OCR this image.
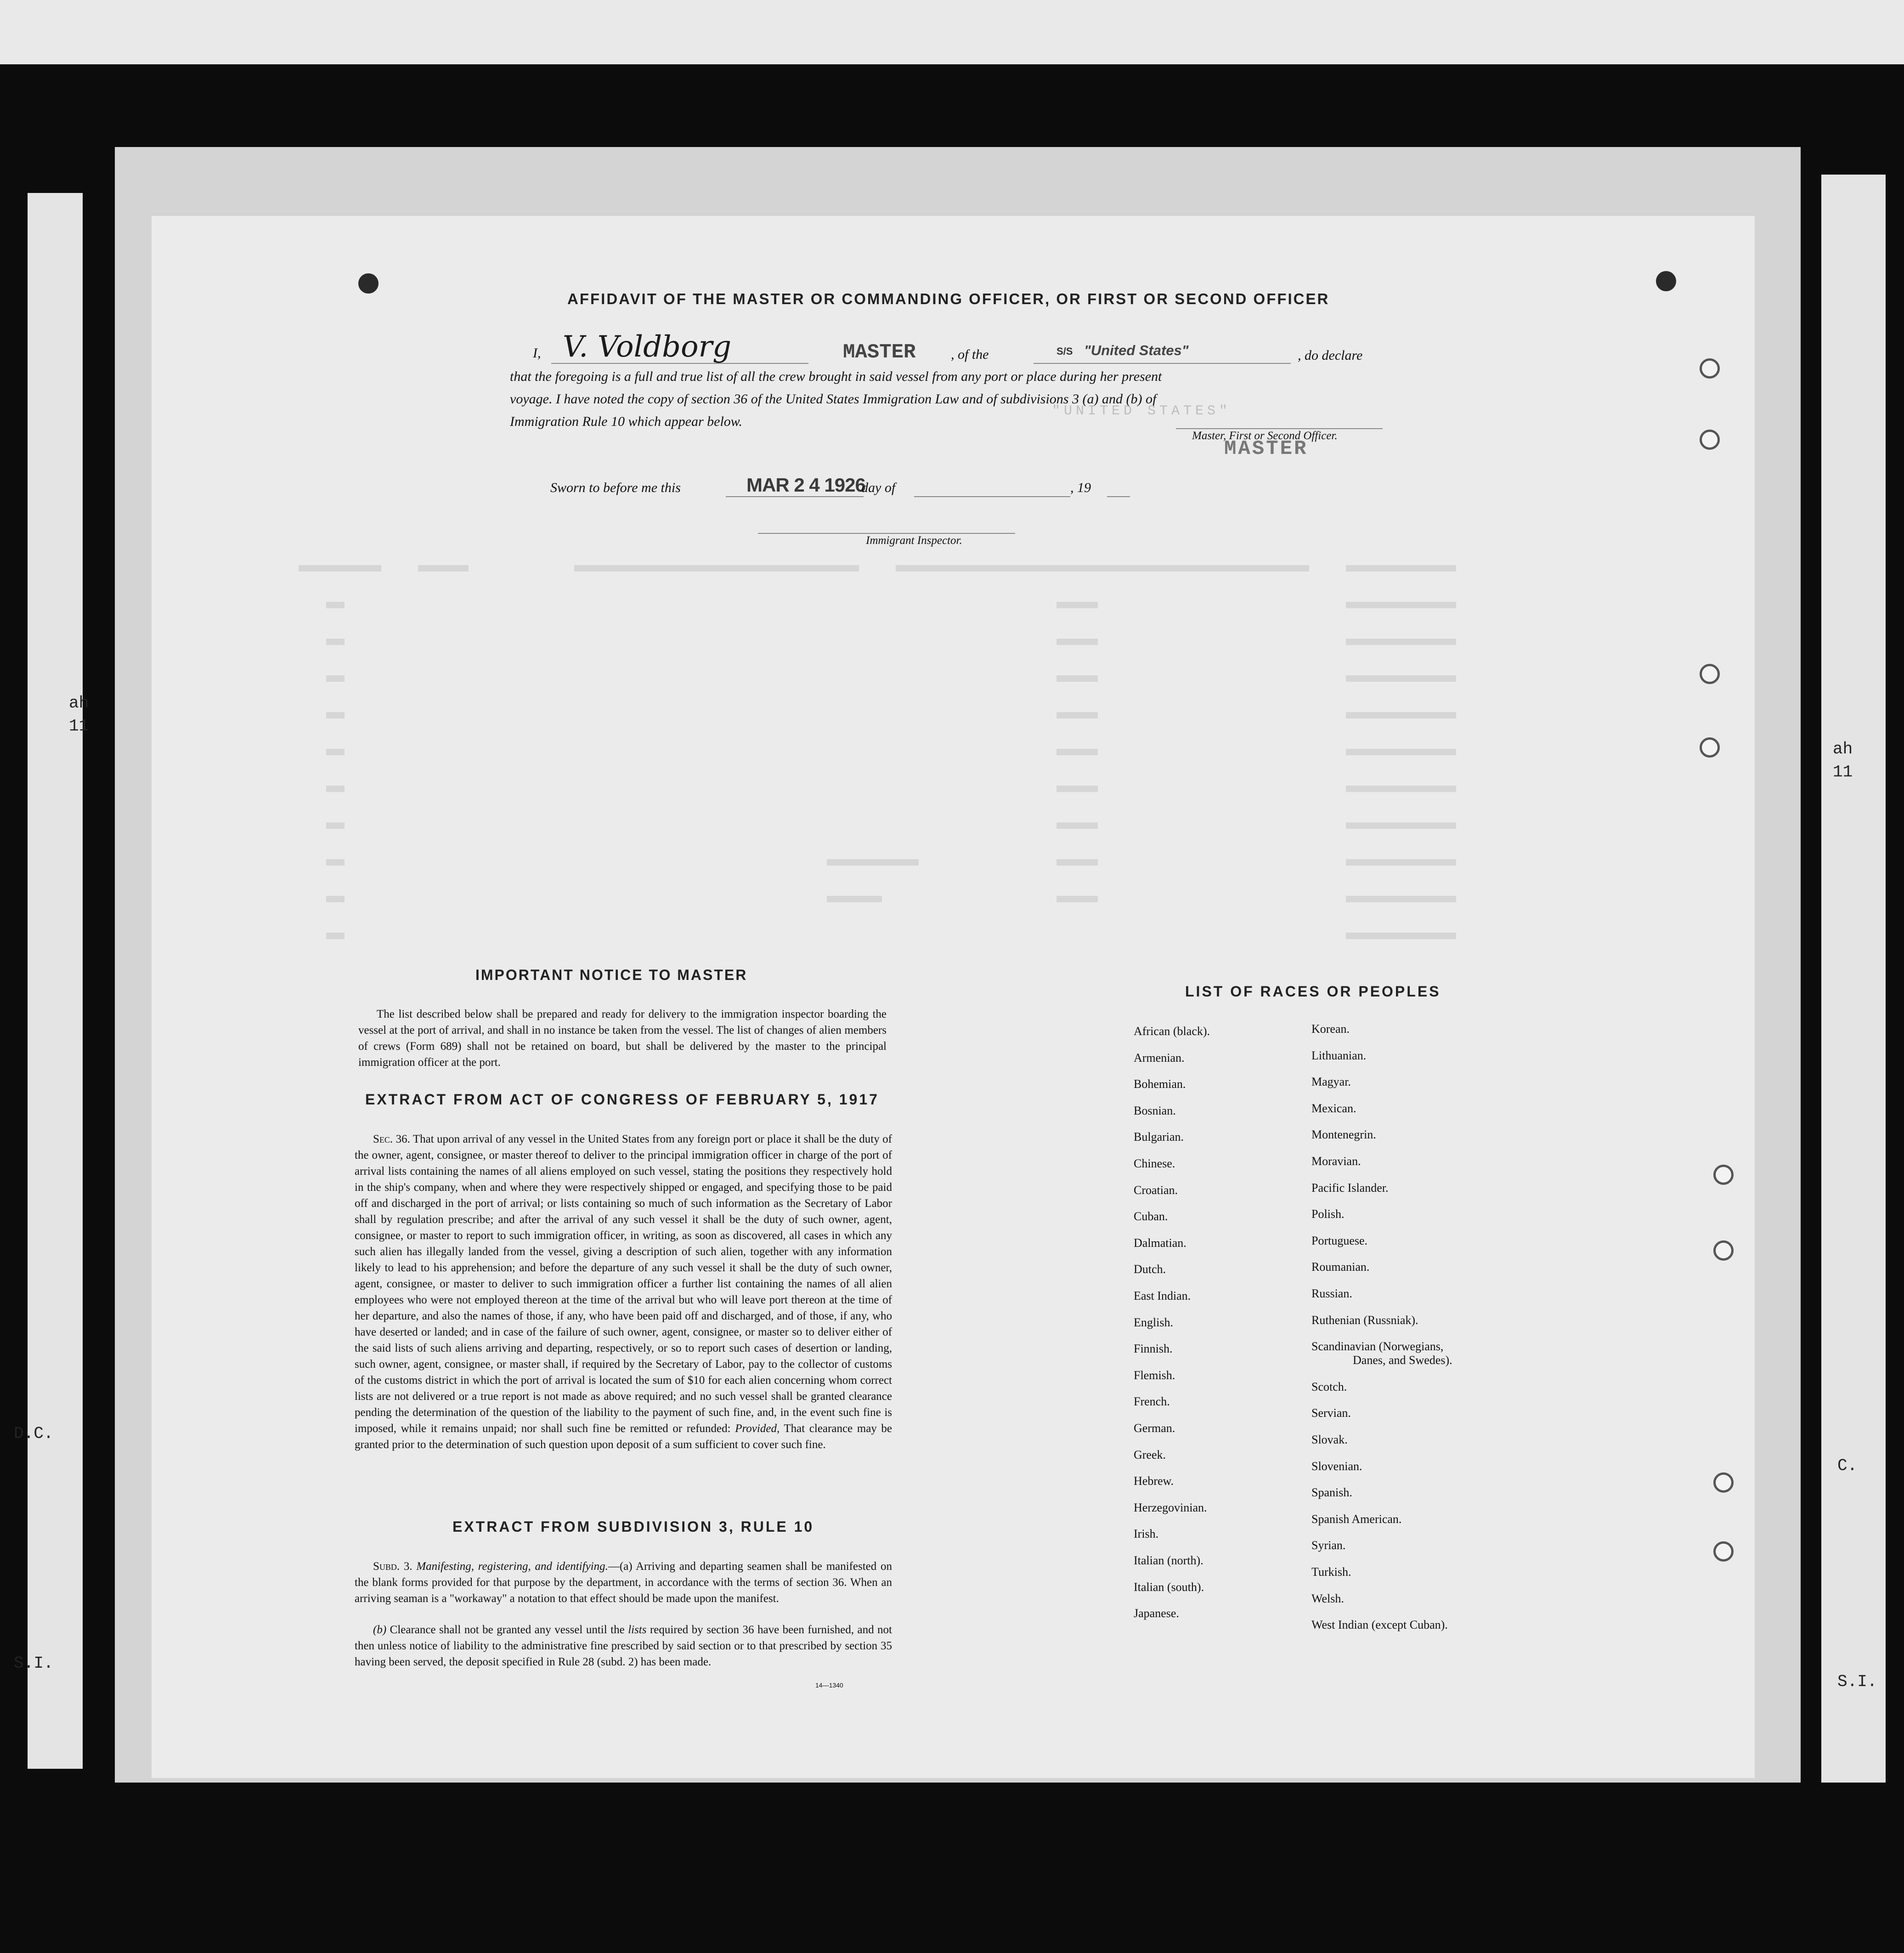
ah
11
D.C.
S.I.
ah
11
C.
S.I.
AFFIDAVIT OF THE MASTER OR COMMANDING OFFICER, OR FIRST OR SECOND OFFICER
I, V. Voldborg	MASTER	, of the	S/S "United States"	, do declare
that the foregoing is a full and true list of all the crew brought in said vessel from any port or place during her present
voyage. I have noted the copy of section 36 of the United States Immigration Law and of subdivisions 3 (a) and (b) of
Immigration Rule 10 which appear below.
"UNITED STATES"
Master, First or Second Officer.
MASTER
Sworn to before me this	MAR 2 4 1926
day of	, 19
Immigrant Inspector.
IMPORTANT NOTICE TO MASTER
The list described below shall be prepared and ready for delivery to the immigration inspector boarding the vessel at the port of arrival, and shall in no instance be taken from the vessel. The list of changes of alien members of crews (Form 689) shall not be retained on board, but shall be delivered by the master to the principal immigration officer at the port.
EXTRACT FROM ACT OF CONGRESS OF FEBRUARY 5, 1917
Sec. 36. That upon arrival of any vessel in the United States from any foreign port or place it shall be the duty of the owner, agent, consignee, or master thereof to deliver to the principal immigration officer in charge of the port of arrival lists containing the names of all aliens employed on such vessel, stating the positions they respectively hold in the ship's company, when and where they were respectively shipped or engaged, and specifying those to be paid off and discharged in the port of arrival; or lists containing so much of such information as the Secretary of Labor shall by regulation prescribe; and after the arrival of any such vessel it shall be the duty of such owner, agent, consignee, or master to report to such immigration officer, in writing, as soon as discovered, all cases in which any such alien has illegally landed from the vessel, giving a description of such alien, together with any information likely to lead to his apprehension; and before the departure of any such vessel it shall be the duty of such owner, agent, consignee, or master to deliver to such immigration officer a further list containing the names of all alien employees who were not employed thereon at the time of the arrival but who will leave port thereon at the time of her departure, and also the names of those, if any, who have been paid off and discharged, and of those, if any, who have deserted or landed; and in case of the failure of such owner, agent, consignee, or master so to deliver either of the said lists of such aliens arriving and departing, respectively, or so to report such cases of desertion or landing, such owner, agent, consignee, or master shall, if required by the Secretary of Labor, pay to the collector of customs of the customs district in which the port of arrival is located the sum of $10 for each alien concerning whom correct lists are not delivered or a true report is not made as above required; and no such vessel shall be granted clearance pending the determination of the question of the liability to the payment of such fine, and, in the event such fine is imposed, while it remains unpaid; nor shall such fine be remitted or refunded: Provided, That clearance may be granted prior to the determination of such question upon deposit of a sum sufficient to cover such fine.
EXTRACT FROM SUBDIVISION 3, RULE 10
Subd. 3. Manifesting, registering, and identifying.—(a) Arriving and departing seamen shall be manifested on the blank forms provided for that purpose by the department, in accordance with the terms of section 36. When an arriving seaman is a "workaway" a notation to that effect should be made upon the manifest.
(b) Clearance shall not be granted any vessel until the lists required by section 36 have been furnished, and not then unless notice of liability to the administrative fine prescribed by said section or to that prescribed by section 35 having been served, the deposit specified in Rule 28 (subd. 2) has been made.
14—1340
LIST OF RACES OR PEOPLES
African (black).
Armenian.
Bohemian.
Bosnian.
Bulgarian.
Chinese.
Croatian.
Cuban.
Dalmatian.
Dutch.
East Indian.
English.
Finnish.
Flemish.
French.
German.
Greek.
Hebrew.
Herzegovinian.
Irish.
Italian (north).
Italian (south).
Japanese.
Korean.
Lithuanian.
Magyar.
Mexican.
Montenegrin.
Moravian.
Pacific Islander.
Polish.
Portuguese.
Roumanian.
Russian.
Ruthenian (Russniak).
Scandinavian (Norwegians,
Danes, and Swedes).
Scotch.
Servian.
Slovak.
Slovenian.
Spanish.
Spanish American.
Syrian.
Turkish.
Welsh.
West Indian (except Cuban).
